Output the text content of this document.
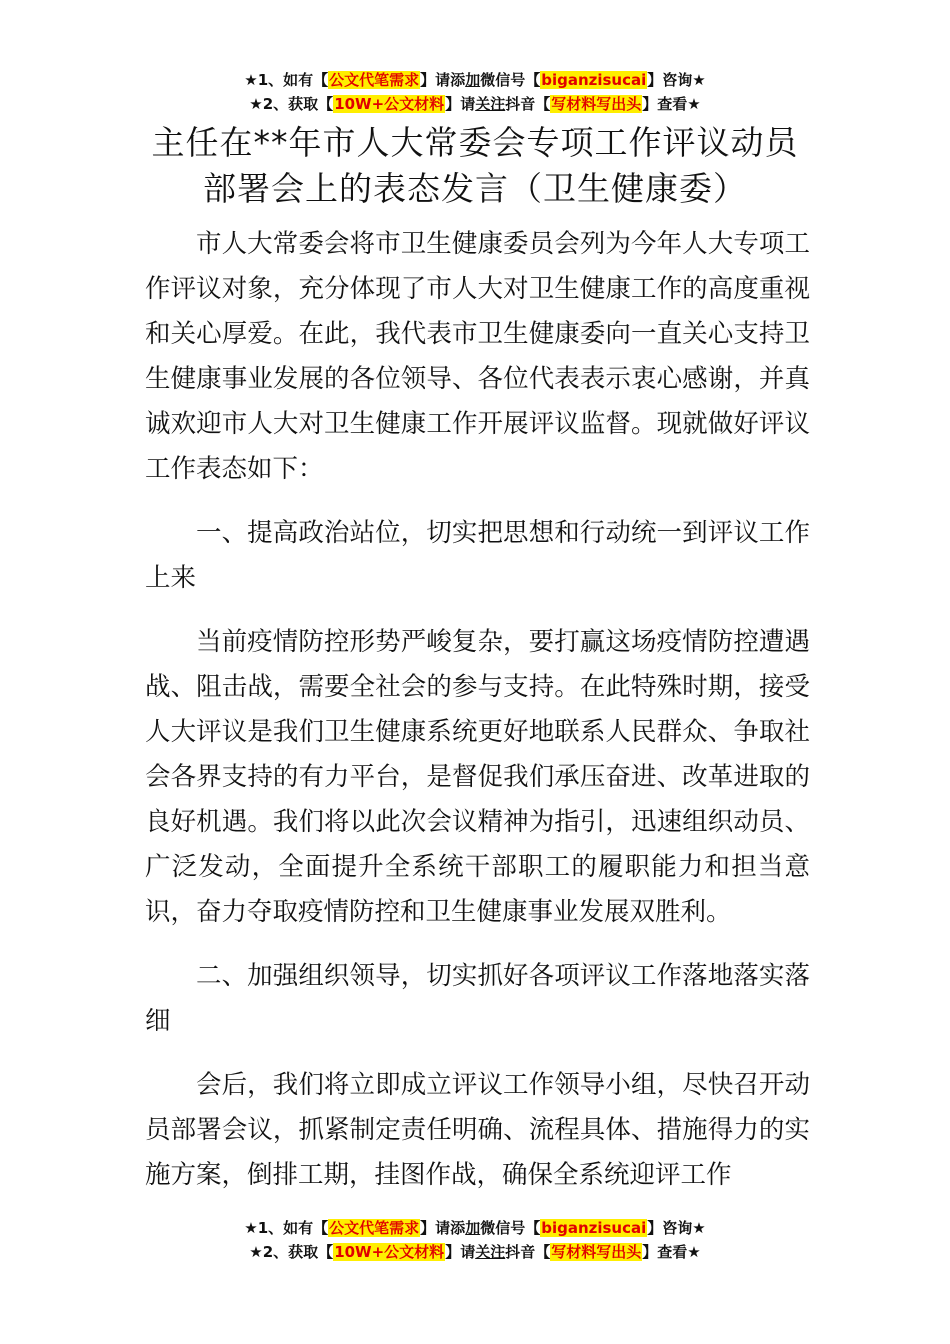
★1、如有【公文代笔需求】请添加微信号【biganzisucai】咨询★
★2、获取【10W+公文材料】请关注抖音【写材料写出头】查看★
主任在**年市人大常委会专项工作评议动员
部署会上的表态发言（卫生健康委）

市人大常委会将市卫生健康委员会列为今年人大专项工作评议对象，充分体现了市人大对卫生健康工作的高度重视和关心厚爱。在此，我代表市卫生健康委向一直关心支持卫生健康事业发展的各位领导、各位代表表示衷心感谢，并真诚欢迎市人大对卫生健康工作开展评议监督。现就做好评议工作表态如下：

一、提高政治站位，切实把思想和行动统一到评议工作上来

当前疫情防控形势严峻复杂，要打赢这场疫情防控遭遇战、阻击战，需要全社会的参与支持。在此特殊时期，接受人大评议是我们卫生健康系统更好地联系人民群众、争取社会各界支持的有力平台，是督促我们承压奋进、改革进取的良好机遇。我们将以此次会议精神为指引，迅速组织动员、广泛发动，全面提升全系统干部职工的履职能力和担当意识，奋力夺取疫情防控和卫生健康事业发展双胜利。

二、加强组织领导，切实抓好各项评议工作落地落实落细

会后，我们将立即成立评议工作领导小组，尽快召开动员部署会议，抓紧制定责任明确、流程具体、措施得力的实施方案，倒排工期，挂图作战，确保全系统迎评工作

★1、如有【公文代笔需求】请添加微信号【biganzisucai】咨询★
★2、获取【10W+公文材料】请关注抖音【写材料写出头】查看★
